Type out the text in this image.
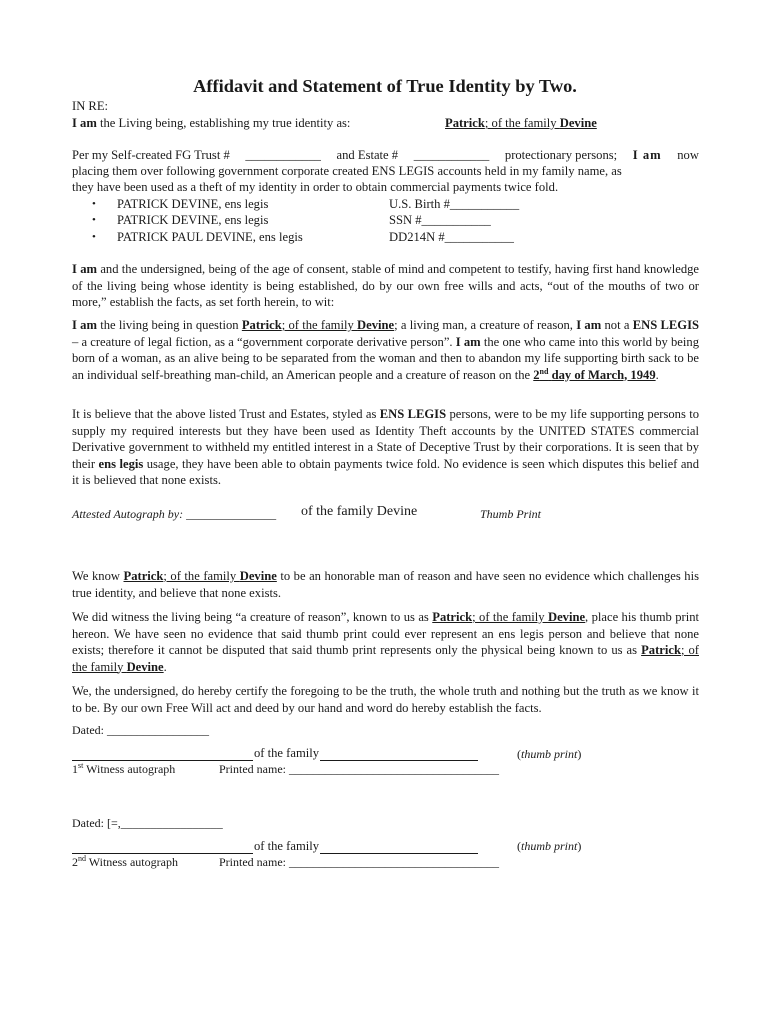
Affidavit and Statement of True Identity by Two.
IN RE:
I am the Living being, establishing my true identity as:	Patrick; of the family Devine
Per my Self-created FG Trust # ____________ and Estate # ____________ protectionary persons; I am now
placing them over following government corporate created ENS LEGIS accounts held in my family name, as
they have been used as a theft of my identity in order to obtain commercial payments twice fold.
• PATRICK DEVINE, ens legis	U.S. Birth #___________
• PATRICK DEVINE, ens legis	SSN #___________
• PATRICK PAUL DEVINE, ens legis	DD214N #___________
I am and the undersigned, being of the age of consent, stable of mind and competent to testify, having first hand knowledge of the living being whose identity is being established, do by our own free wills and acts, “out of the mouths of two or more,” establish the facts, as set forth herein, to wit:
I am the living being in question Patrick; of the family Devine; a living man, a creature of reason, I am not a ENS LEGIS – a creature of legal fiction, as a “government corporate derivative person”. I am the one who came into this world by being born of a woman, as an alive being to be separated from the woman and then to abandon my life supporting birth sack to be an individual self-breathing man-child, an American people and a creature of reason on the 2nd day of March, 1949.
It is believe that the above listed Trust and Estates, styled as ENS LEGIS persons, were to be my life supporting persons to supply my required interests but they have been used as Identity Theft accounts by the UNITED STATES commercial Derivative government to withheld my entitled interest in a State of Deceptive Trust by their corporations. It is seen that by their ens legis usage, they have been able to obtain payments twice fold. No evidence is seen which disputes this belief and it is believed that none exists.
Attested Autograph by: _______________ of the family Devine	Thumb Print
We know Patrick; of the family Devine to be an honorable man of reason and have seen no evidence which challenges his true identity, and believe that none exists.
We did witness the living being “a creature of reason”, known to us as Patrick; of the family Devine, place his thumb print hereon. We have seen no evidence that said thumb print could ever represent an ens legis person and believe that none exists; therefore it cannot be disputed that said thumb print represents only the physical being known to us as Patrick; of the family Devine.
We, the undersigned, do hereby certify the foregoing to be the truth, the whole truth and nothing but the truth as we know it to be. By our own Free Will act and deed by our hand and word do hereby establish the facts.
Dated: _________________
of the family	(thumb print)
1st Witness autograph	Printed name: ___________________________________
Dated: [=,_________________
of the family	(thumb print)
2nd Witness autograph	Printed name: ___________________________________
